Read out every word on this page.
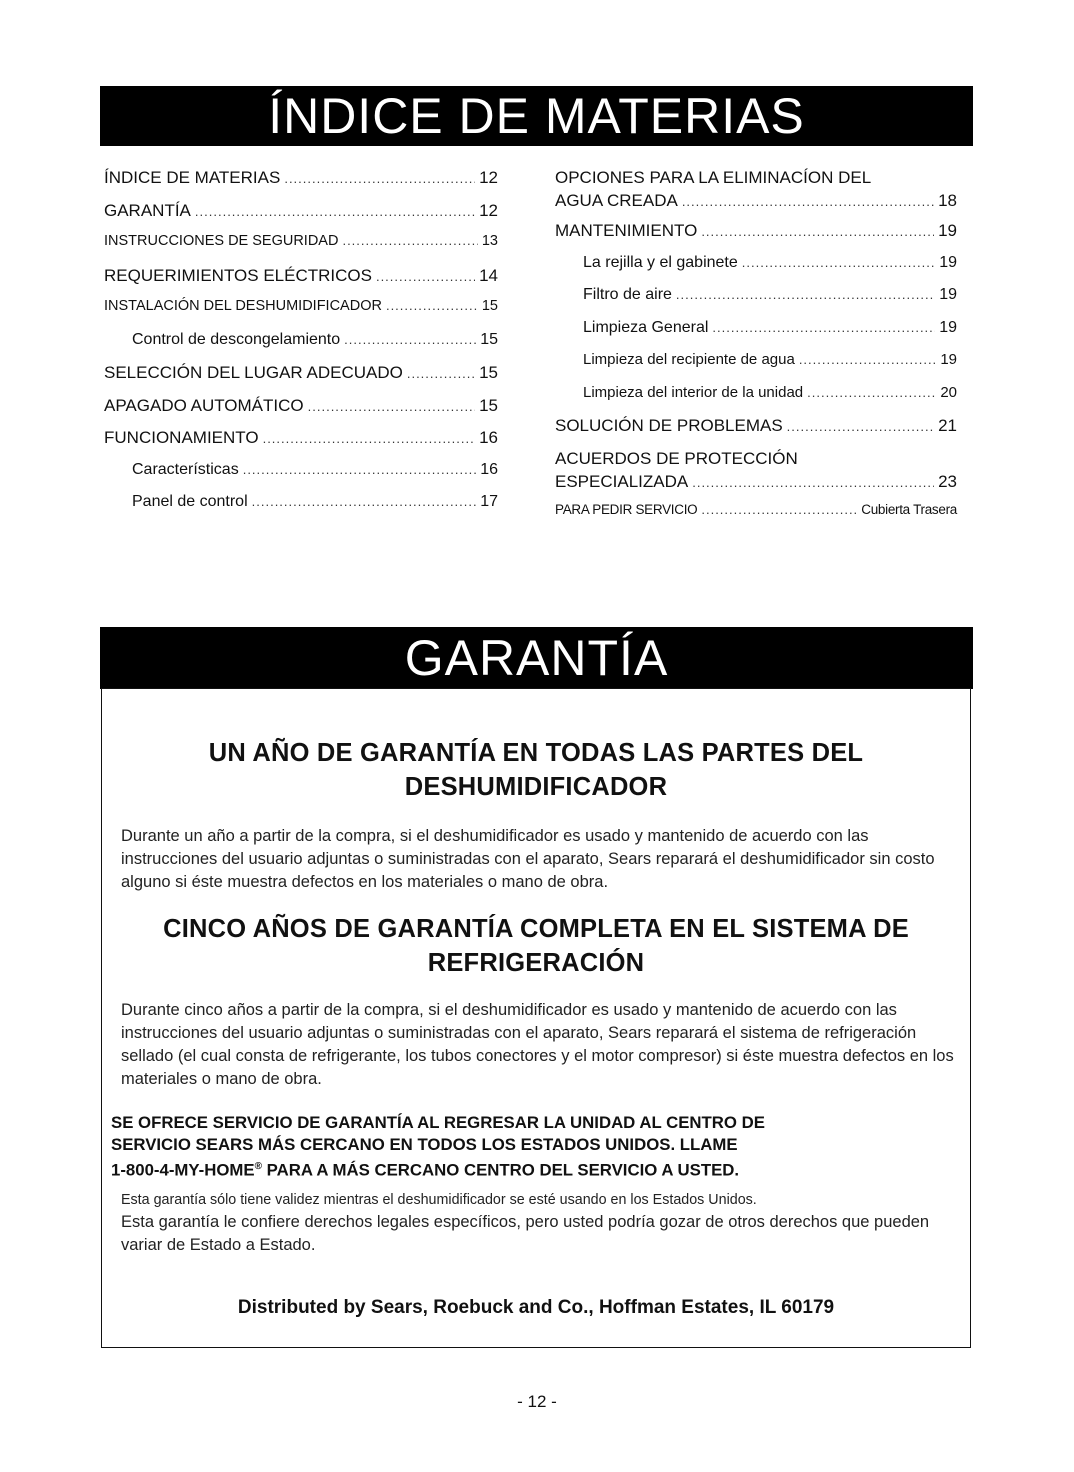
ÍNDICE DE MATERIAS
ÍNDICE DE MATERIAS .....	12
GARANTÍA .....	12
INSTRUCCIONES DE SEGURIDAD .....	13
REQUERIMIENTOS ELÉCTRICOS .....	14
INSTALACIÓN DEL DESHUMIDIFICADOR .....	15
Control de descongelamiento .....	15
SELECCIÓN DEL LUGAR ADECUADO .....	15
APAGADO AUTOMÁTICO .....	15
FUNCIONAMIENTO .....	16
Características .....	16
Panel de control .....	17
OPCIONES PARA LA ELIMINACÍON DEL
AGUA CREADA .....	18
MANTENIMIENTO .....	19
La rejilla y el gabinete .....	19
Filtro de aire .....	19
Limpieza General .....	19
Limpieza del recipiente de agua .....	19
Limpieza del interior de la unidad .....	20
SOLUCIÓN DE PROBLEMAS .....	21
ACUERDOS DE PROTECCIÓN
ESPECIALIZADA .....	23
PARA PEDIR SERVICIO .....	Cubierta Trasera
GARANTÍA
UN AÑO DE GARANTÍA EN TODAS LAS PARTES DEL
DESHUMIDIFICADOR
Durante un año a partir de la compra, si el deshumidificador es usado y mantenido de acuerdo con las instrucciones del usuario adjuntas o suministradas con el aparato, Sears reparará el deshumidificador sin costo alguno si éste muestra defectos en los materiales o mano de obra.
CINCO AÑOS DE GARANTÍA COMPLETA EN EL SISTEMA DE
REFRIGERACIÓN
Durante cinco años a partir de la compra, si el deshumidificador es usado y mantenido de acuerdo con las instrucciones del usuario adjuntas o suministradas con el aparato, Sears reparará el sistema de refrigeración sellado (el cual consta de refrigerante, los tubos conectores y el motor compresor) si éste muestra defectos en los materiales o mano de obra.
SE OFRECE SERVICIO DE GARANTÍA AL REGRESAR LA UNIDAD AL CENTRO DE
SERVICIO SEARS MÁS CERCANO EN TODOS LOS ESTADOS UNIDOS. LLAME
1-800-4-MY-HOME® PARA A MÁS CERCANO CENTRO DEL SERVICIO A USTED.
Esta garantía sólo tiene validez mientras el deshumidificador se esté usando en los Estados Unidos.
Esta garantía le confiere derechos legales específicos, pero usted podría gozar de otros derechos que pueden variar de Estado a Estado.
Distributed by Sears, Roebuck and Co., Hoffman Estates, IL 60179
- 12 -
